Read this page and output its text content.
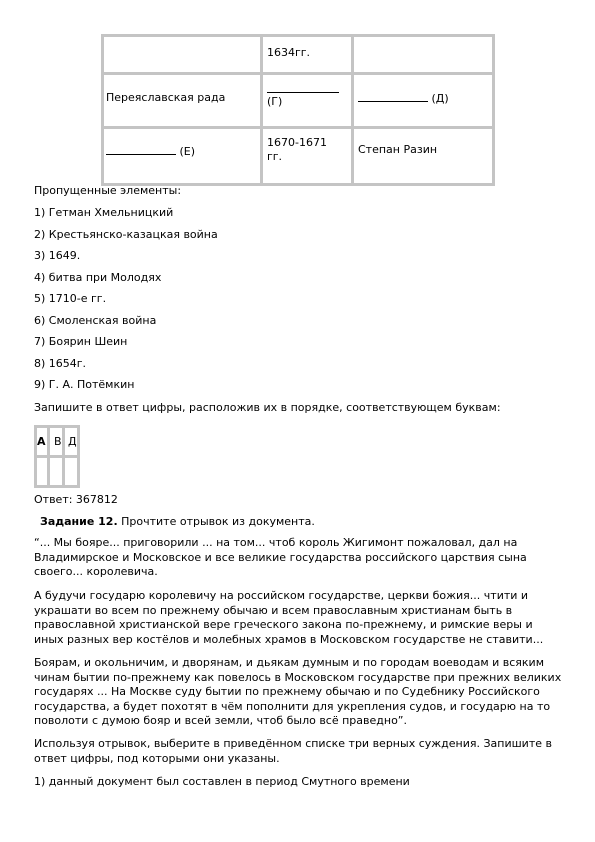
1634гг.
Переяславская рада	(Г)	(Д)
(Е)
1670-1671
гг.
Степан Разин
Пропущенные элементы:
1) Гетман Хмельницкий
2) Крестьянско-казацкая война
3) 1649.
4) битва при Молодях
5) 1710-е гг.
6) Смоленская война
7) Боярин Шеин
8) 1654г.
9) Г. А. Потёмкин
Запишите в ответ цифры, расположив их в порядке, соответствующем буквам:
А В Д
Ответ: 367812
Задание 12. Прочтите отрывок из документа.
“... Мы бояре... приговорили ... на том... чтоб король Жигимонт пожаловал, дал на Владимирское и Московское и все великие государства российского царствия сына своего... королевича.
А будучи государю королевичу на российском государстве, церкви божия... чтити и украшати во всем по прежнему обычаю и всем православным христианам быть в православной христианской вере греческого закона по-прежнему, и римские веры и иных разных вер костёлов и молебных храмов в Московском государстве не ставити...
Боярам, и окольничим, и дворянам, и дьякам думным и по городам воеводам и всяким чинам бытии по-прежнему как повелось в Московском государстве при прежних великих государях ... На Москве суду бытии по прежнему обычаю и по Судебнику Российского государства, а будет похотят в чём пополнити для укрепления судов, и государю на то поволоти с думою бояр и всей земли, чтоб было всё праведно”.
Используя отрывок, выберите в приведённом списке три верных суждения. Запишите в ответ цифры, под которыми они указаны.
1) данный документ был составлен в период Смутного времени
